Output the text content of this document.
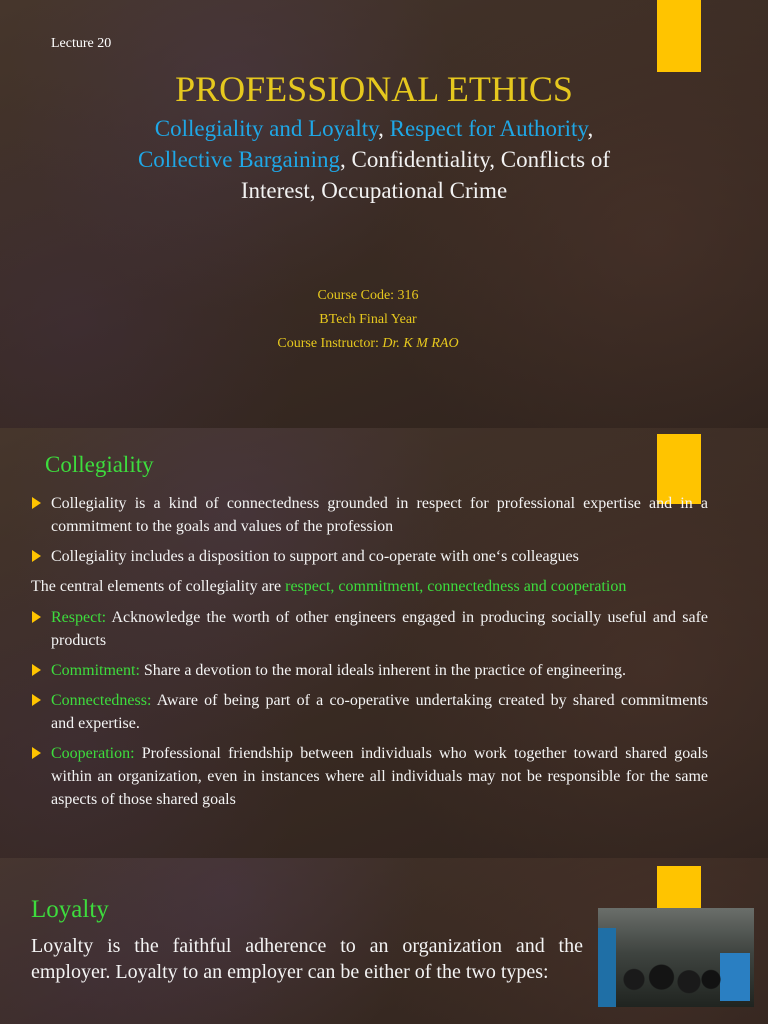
Lecture 20
PROFESSIONAL ETHICS
Collegiality and Loyalty, Respect for Authority, Collective Bargaining, Confidentiality, Conflicts of Interest, Occupational Crime
Course Code: 316
BTech Final Year
Course Instructor: Dr. K M RAO
Collegiality
Collegiality is a kind of connectedness grounded in respect for professional expertise and in a commitment to the goals and values of the profession
Collegiality includes a disposition to support and co-operate with one‘s colleagues
The central elements of collegiality are respect, commitment, connectedness and cooperation
Respect: Acknowledge the worth of other engineers engaged in producing socially useful and safe products
Commitment: Share a devotion to the moral ideals inherent in the practice of engineering.
Connectedness: Aware of being part of a co-operative undertaking created by shared commitments and expertise.
Cooperation: Professional friendship between individuals who work together toward shared goals within an organization, even in instances where all individuals may not be responsible for the same aspects of those shared goals
Loyalty
Loyalty is the faithful adherence to an organization and the employer. Loyalty to an employer can be either of the two types:
